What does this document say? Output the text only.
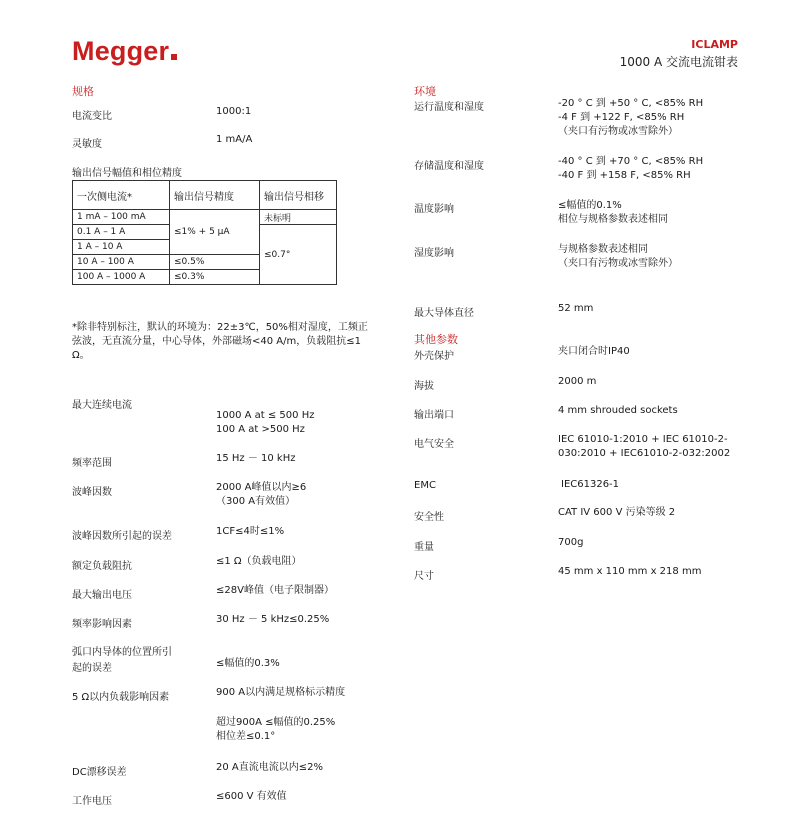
Megger	ICLAMP
1000 A 交流电流钳表
规格
电流变比	1000:1
灵敏度	1 mA/A
输出信号幅值和相位精度
一次侧电流*	输出信号精度	输出信号相移
1 mA – 100 mA	≤1% + 5 µA	未标明
0.1 A – 1 A		≤0.7°
1 A – 10 A		
10 A – 100 A	≤0.5%	
100 A – 1000 A	≤0.3%	
*除非特别标注，默认的环境为：22±3℃，50%相对湿度，工频正弦波，无直流分量，中心导体，外部磁场<40 A/m，负载阻抗≤1 Ω。
最大连续电流
1000 A at ≤ 500 Hz
100 A at >500 Hz
频率范围	15 Hz － 10 kHz
波峰因数	2000 A峰值以内≥6
（300 A有效值）
波峰因数所引起的误差	1CF≤4时≤1%
额定负载阻抗	≤1 Ω（负载电阻）
最大输出电压	≤28V峰值（电子限制器）
频率影响因素	30 Hz － 5 kHz≤0.25%
弧口内导体的位置所引
起的误差	≤幅值的0.3%
5 Ω以内负载影响因素	900 A以内满足规格标示精度
超过900A ≤幅值的0.25%
相位差≤0.1°
DC漂移误差	20 A直流电流以内≤2%
工作电压	≤600 V 有效值
环境
运行温度和湿度	-20 ° C 到 +50 ° C, <85% RH
-4 F 到 +122 F, <85% RH
（夹口有污物或冰雪除外）
存储温度和湿度	-40 ° C 到 +70 ° C, <85% RH
-40 F 到 +158 F, <85% RH
温度影响	≤幅值的0.1%
相位与规格参数表述相同
湿度影响	与规格参数表述相同
（夹口有污物或冰雪除外）
最大导体直径	52 mm
其他参数
外壳保护	夹口闭合时IP40
海拔	2000 m
输出端口	4 mm shrouded sockets
电气安全	IEC 61010-1:2010 + IEC 61010-2-
030:2010 + IEC61010-2-032:2002
EMC	IEC61326-1
安全性	CAT IV 600 V 污染等级 2
重量	700g
尺寸	45 mm x 110 mm x 218 mm
